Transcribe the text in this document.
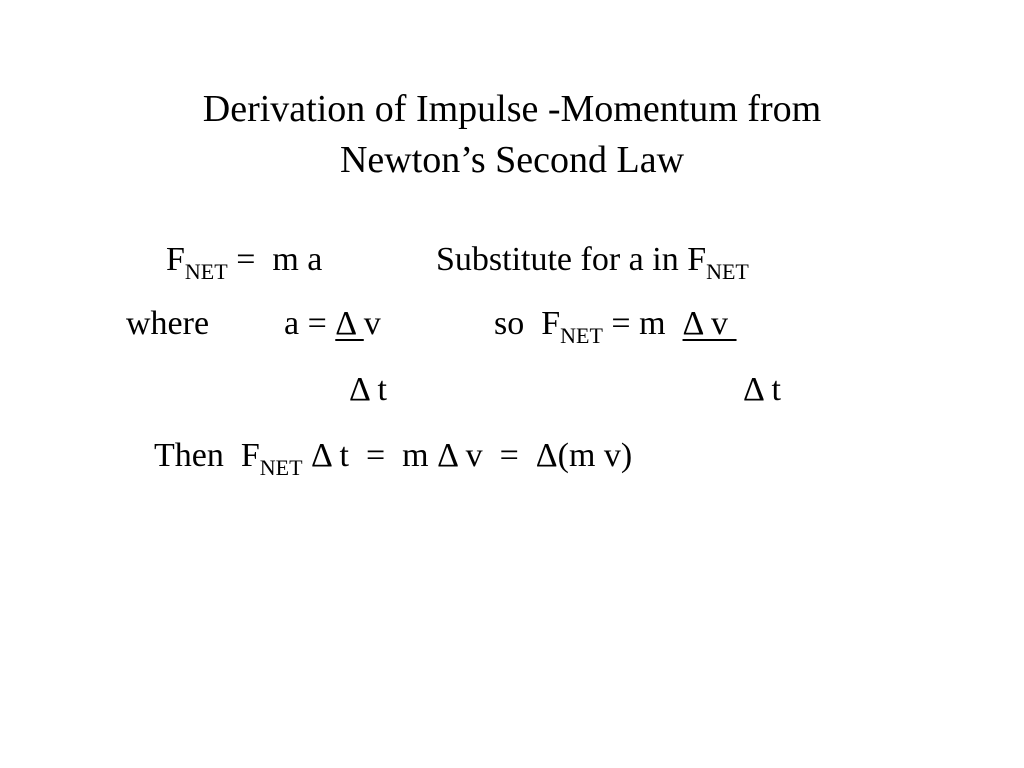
Derivation of Impulse -Momentum from
Newton’s Second Law
$F_{NET} = m$ a	Substitute for a in $F_{NET}$
where a = Δ v	so  $F_{NET} = m$  Δ v
Δ t	Δ t
Then  $F_{NET}$ Δ t  =  m Δ v  =  Δ(m v)
